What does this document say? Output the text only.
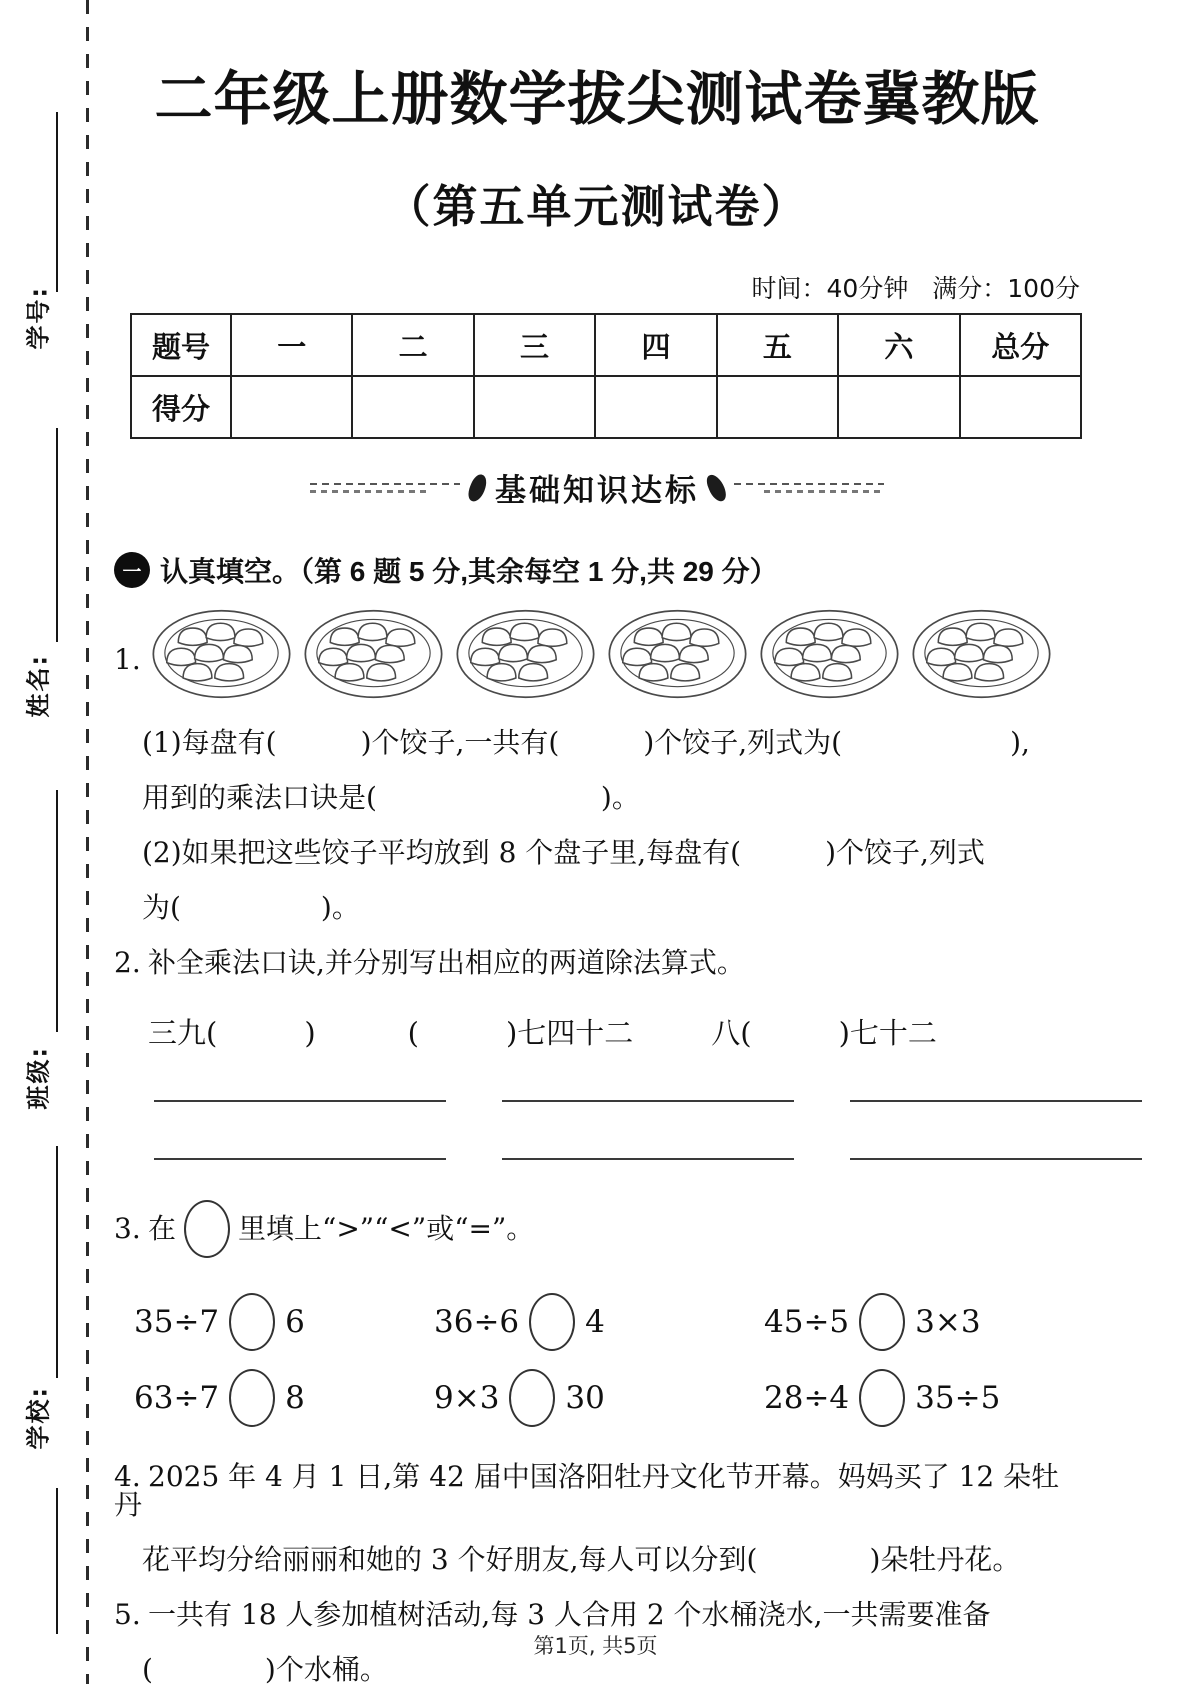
学号:
姓名:
班级:
学校:
二年级上册数学拔尖测试卷冀教版
（第五单元测试卷）
时间：40分钟 满分：100分
题号	一	二	三	四	五	六	总分
得分							
基础知识达标
一 认真填空。（第 6 题 5 分,其余每空 1 分,共 29 分）
1.

(1)每盘有(　　　)个饺子,一共有(　　　)个饺子,列式为(　　　　　　),

用到的乘法口诀是(　　　　　　　　)。

(2)如果把这些饺子平均放到 8 个盘子里,每盘有(　　　)个饺子,列式

为(　　　　　)。

2. 补全乘法口诀,并分别写出相应的两道除法算式。

三九(　　　)	(　　　)七四十二	八(　　　)七十二
3. 在 里填上“>”“<”或“=”。
35÷7 6	36÷6 4	45÷5 3×3
63÷7 8	9×3 30	28÷4 35÷5

4. 2025 年 4 月 1 日,第 42 届中国洛阳牡丹文化节开幕。妈妈买了 12 朵牡丹

花平均分给丽丽和她的 3 个好朋友,每人可以分到(　　　　)朵牡丹花。

5. 一共有 18 人参加植树活动,每 3 人合用 2 个水桶浇水,一共需要准备

(　　　　)个水桶。

第1页, 共5页
